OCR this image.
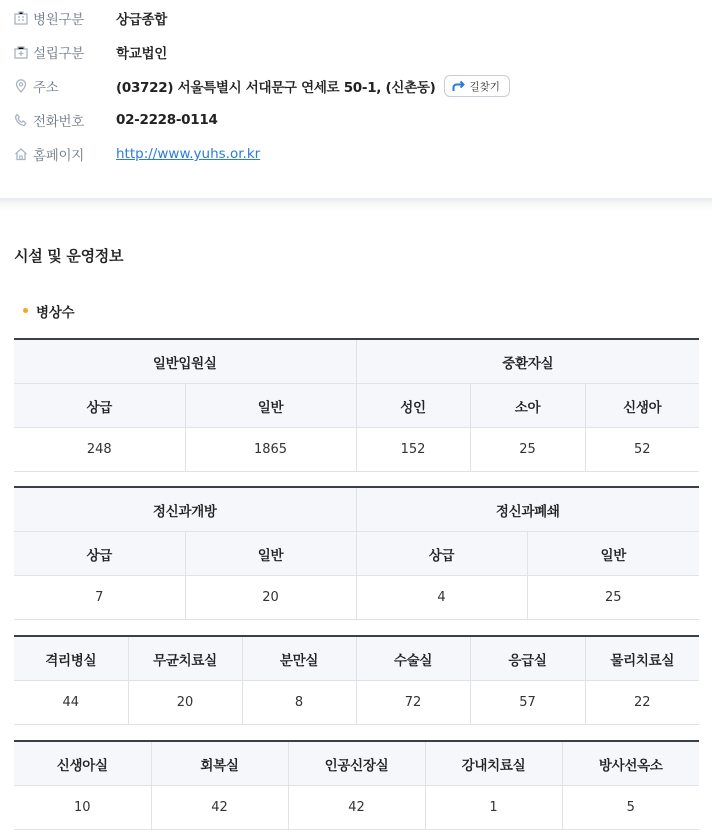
병원구분	상급종합
설립구분	학교법인
주소	(03722) 서울특별시 서대문구 연세로 50-1, (신촌동)	길찾기
전화번호	02-2228-0114
홈페이지	http://www.yuhs.or.kr
시설 및 운영정보
병상수
일반입원실		중환자실		
상급	일반	성인	소아	신생아
248	1865	152	25	52
정신과개방		정신과폐쇄	
상급	일반	상급	일반
7	20	4	25
격리병실	무균치료실	분만실	수술실	응급실	물리치료실
44	20	8	72	57	22
신생아실	회복실	인공신장실	강내치료실	방사선옥소
10	42	42	1	5
